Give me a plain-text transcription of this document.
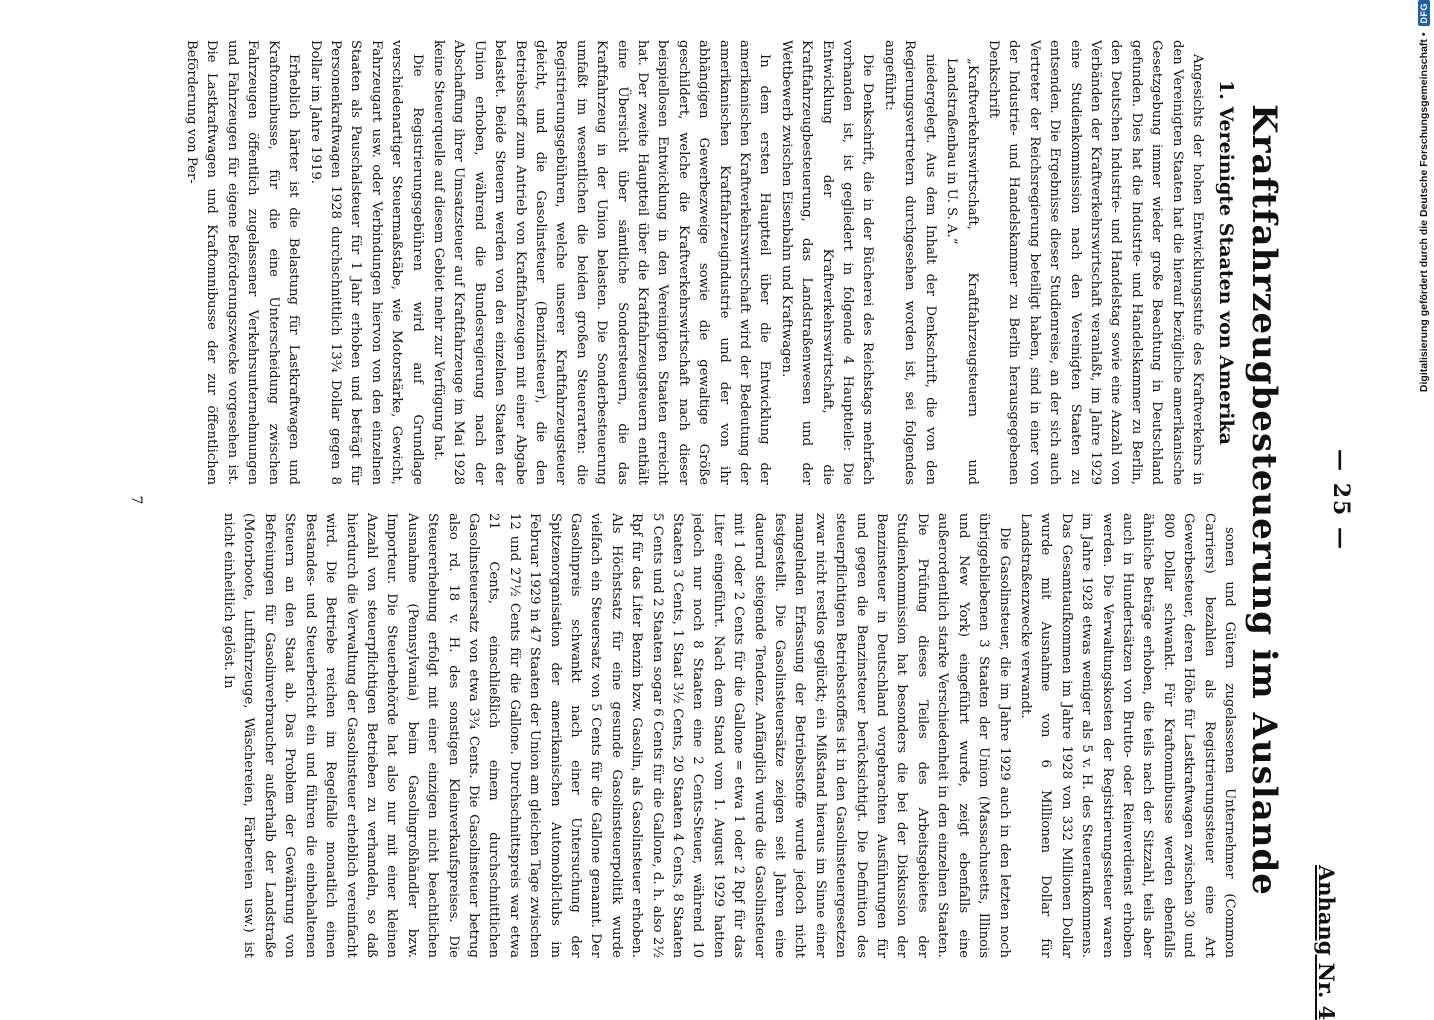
— 25 —
Anhang Nr. 4
Kraftfahrzeugbesteuerung im Auslande
1. Vereinigte Staaten von Amerika

Angesichts der hohen Entwicklungsstufe des Kraftverkehrs in den Vereinigten Staaten hat die hierauf bezügliche amerikanische Gesetzgebung immer wieder große Beachtung in Deutschland gefunden. Dies hat die Industrie- und Handelskammer zu Berlin, den Deutschen Industrie- und Handelstag sowie eine Anzahl von Verbänden der Kraftverkehrswirtschaft veranlaßt, im Jahre 1929 eine Studienkommission nach den Vereinigten Staaten zu entsenden. Die Ergebnisse dieser Studienreise, an der sich auch Vertreter der Reichsregierung beteiligt haben, sind in einer von der Industrie- und Handelskammer zu Berlin herausgegebenen Denkschrift

„Kraftverkehrswirtschaft, Kraftfahrzeugsteuern und Landstraßenbau in U. S. A.“

niedergelegt. Aus dem Inhalt der Denkschrift, die von den Regierungsvertretern durchgesehen worden ist, sei folgendes angeführt:

Die Denkschrift, die in der Bücherei des Reichstags mehrfach vorhanden ist, ist gegliedert in folgende 4 Hauptteile: Die Entwicklung der Kraftverkehrswirtschaft, die Kraftfahrzeugbesteuerung, das Landstraßenwesen und der Wettbewerb zwischen Eisenbahn und Kraftwagen.

In dem ersten Hauptteil über die Entwicklung der amerikanischen Kraftverkehrswirtschaft wird der Bedeutung der amerikanischen Kraftfahrzeugindustrie und der von ihr abhängigen Gewerbezweige sowie die gewaltige Größe geschildert, welche die Kraftverkehrswirtschaft nach dieser beispiellosen Entwicklung in den Vereinigten Staaten erreicht hat. Der zweite Hauptteil über die Kraftfahrzeugsteuern enthält eine Übersicht über sämtliche Sondersteuern, die das Kraftfahrzeug in der Union belasten. Die Sonderbesteuerung umfaßt im wesentlichen die beiden großen Steuerarten: die Registrierungsgebühren, welche unserer Kraftfahrzeugsteuer gleicht, und die Gasolinsteuer (Benzinsteuer), die den Betriebsstoff zum Antrieb von Kraftfahrzeugen mit einer Abgabe belastet. Beide Steuern werden von den einzelnen Staaten der Union erhoben, während die Bundesregierung nach der Abschaffung ihrer Umsatzsteuer auf Kraftfahrzeuge im Mai 1928 keine Steuerquelle auf diesem Gebiet mehr zur Verfügung hat.

Die Registrierungsgebühren wird auf Grundlage verschiedenartiger Steuermaßstäbe, wie Motorstärke, Gewicht, Fahrzeugart usw. oder Verbindungen hiervon von den einzelnen Staaten als Pauschalsteuer für 1 Jahr erhoben und beträgt für Personenkraftwagen 1928 durchschnittlich 13¾ Dollar gegen 8 Dollar im Jahre 1919.

Erheblich härter ist die Belastung für Lastkraftwagen und Kraftomnibusse, für die eine Unterscheidung zwischen Fahrzeugen öffentlich zugelassener Verkehrsunternehmungen und Fahrzeugen für eigene Beförderungszwecke vorgesehen ist. Die Lastkraftwagen und Kraftomnibusse der zur öffentlichen Beförderung von Per-

sonen und Gütern zugelassenen Unternehmer (Common Carriers) bezahlen als Registrierungssteuer eine Art Gewerbesteuer, deren Höhe für Lastkraftwagen zwischen 30 und 800 Dollar schwankt. Für Kraftomnibusse werden ebenfalls ähnliche Beträge erhoben, die teils nach der Sitzzahl, teils aber auch in Hundertsätzen von Brutto- oder Reinverdienst erhoben werden. Die Verwaltungskosten der Registrierungssteuer waren im Jahre 1928 etwas weniger als 5 v. H. des Steueraufkommens. Das Gesamtaufkommen im Jahre 1928 von 332 Millionen Dollar wurde mit Ausnahme von 6 Millionen Dollar für Landstraßenzwecke verwandt.

Die Gasolinsteuer, die im Jahre 1929 auch in den letzten noch übriggebliebenen 3 Staaten der Union (Massachusetts, Illinois und New York) eingeführt wurde, zeigt ebenfalls eine außerordentlich starke Verschiedenheit in den einzelnen Staaten. Die Prüfung dieses Teiles des Arbeitsgebietes der Studienkommission hat besonders die bei der Diskussion der Benzinsteuer in Deutschland vorgebrachten Ausführungen für und gegen die Benzinsteuer berücksichtigt. Die Definition des steuerpflichtigen Betriebsstoffes ist in den Gasolinsteuergesetzen zwar nicht restlos geglückt; ein Mißstand hieraus im Sinne einer mangelnden Erfassung der Betriebsstoffe wurde jedoch nicht festgestellt. Die Gasolinsteuersätze zeigen seit Jahren eine dauernd steigende Tendenz. Anfänglich wurde die Gasolinsteuer mit 1 oder 2 Cents für die Gallone = etwa 1 oder 2 Rpf für das Liter eingeführt. Nach dem Stand vom 1. August 1929 hatten jedoch nur noch 8 Staaten eine 2 Cents-Steuer, während 10 Staaten 3 Cents, 1 Staat 3½ Cents, 20 Staaten 4 Cents, 8 Staaten 5 Cents und 2 Staaten sogar 6 Cents für die Gallone, d. h. also 2½ Rpf für das Liter Benzin bzw. Gasolin, als Gasolinsteuer erhoben. Als Höchstsatz für eine gesunde Gasolinsteuerpolitik wurde vielfach ein Steuersatz von 5 Cents für die Gallone genannt. Der Gasolinpreis schwankt nach einer Untersuchung der Spitzenorganisation der amerikanischen Automobilclubs im Februar 1929 in 47 Staaten der Union am gleichen Tage zwischen 12 und 27½ Cents für die Gallone. Durchschnittspreis war etwa 21 Cents, einschließlich einem durchschnittlichen Gasolinsteuersatz von etwa 3¾ Cents. Die Gasolinsteuer betrug also rd. 18 v. H. des sonstigen Kleinverkaufspreises. Die Steuererhebung erfolgt mit einer einzigen nicht beachtlichen Ausnahme (Pennsylvania) beim Gasolingroßhändler bzw. Importeur. Die Steuerbehörde hat also nur mit einer kleinen Anzahl von steuerpflichtigen Betrieben zu verhandeln, so daß hierdurch die Verwaltung der Gasolinsteuer erheblich vereinfacht wird. Die Betriebe reichen im Regelfalle monatlich einen Bestandes- und Steuerbericht ein und führen die einbehaltenen Steuern an den Staat ab. Das Problem der Gewährung von Befreiungen für Gasolinverbraucher außerhalb der Landstraße (Motorboote, Luftfahrzeuge, Wäschereien, Färbereien usw.) ist nicht einheitlich gelöst. In

7
Digitalisierung gefördert durch die Deutsche Forschungsgemeinschaft •
DFG
